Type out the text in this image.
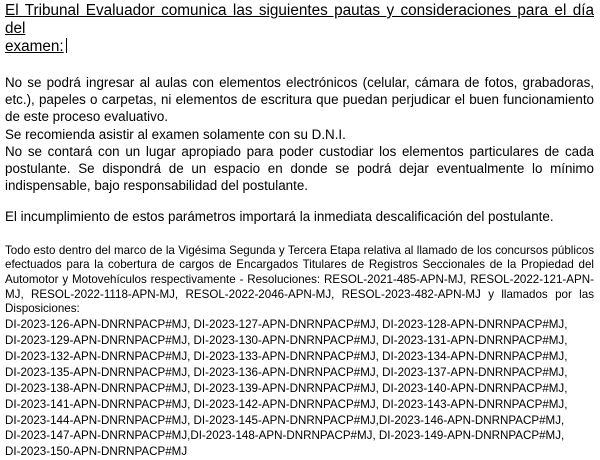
El Tribunal Evaluador comunica las siguientes pautas y consideraciones para el día del
examen:

No se podrá ingresar al aulas con elementos electrónicos (celular, cámara de fotos, grabadoras, etc.), papeles o carpetas, ni elementos de escritura que puedan perjudicar el buen funcionamiento de este proceso evaluativo.

Se recomienda asistir al examen solamente con su D.N.I.

No se contará con un lugar apropiado para poder custodiar los elementos particulares de cada postulante. Se dispondrá de un espacio en donde se podrá dejar eventualmente lo mínimo indispensable, bajo responsabilidad del postulante.

El incumplimiento de estos parámetros importará la inmediata descalificación del postulante.

Todo esto dentro del marco de la Vigésima Segunda y Tercera Etapa relativa al llamado de los concursos públicos efectuados para la cobertura de cargos de Encargados Titulares de Registros Seccionales de la Propiedad del Automotor y Motovehículos respectivamente - Resoluciones: RESOL-2021-485-APN-MJ, RESOL-2022-121-APN-MJ, RESOL-2022-1118-APN-MJ, RESOL-2022-2046-APN-MJ, RESOL-2023-482-APN-MJ y llamados por las Disposiciones:

DI-2023-126-APN-DNRNPACP#MJ, DI-2023-127-APN-DNRNPACP#MJ, DI-2023-128-APN-DNRNPACP#MJ,
DI-2023-129-APN-DNRNPACP#MJ, DI-2023-130-APN-DNRNPACP#MJ, DI-2023-131-APN-DNRNPACP#MJ,
DI-2023-132-APN-DNRNPACP#MJ, DI-2023-133-APN-DNRNPACP#MJ, DI-2023-134-APN-DNRNPACP#MJ,
DI-2023-135-APN-DNRNPACP#MJ, DI-2023-136-APN-DNRNPACP#MJ, DI-2023-137-APN-DNRNPACP#MJ,
DI-2023-138-APN-DNRNPACP#MJ, DI-2023-139-APN-DNRNPACP#MJ, DI-2023-140-APN-DNRNPACP#MJ,
DI-2023-141-APN-DNRNPACP#MJ, DI-2023-142-APN-DNRNPACP#MJ, DI-2023-143-APN-DNRNPACP#MJ,
DI-2023-144-APN-DNRNPACP#MJ, DI-2023-145-APN-DNRNPACP#MJ,DI-2023-146-APN-DNRNPACP#MJ,
DI-2023-147-APN-DNRNPACP#MJ,DI-2023-148-APN-DNRNPACP#MJ, DI-2023-149-APN-DNRNPACP#MJ,
DI-2023-150-APN-DNRNPACP#MJ
